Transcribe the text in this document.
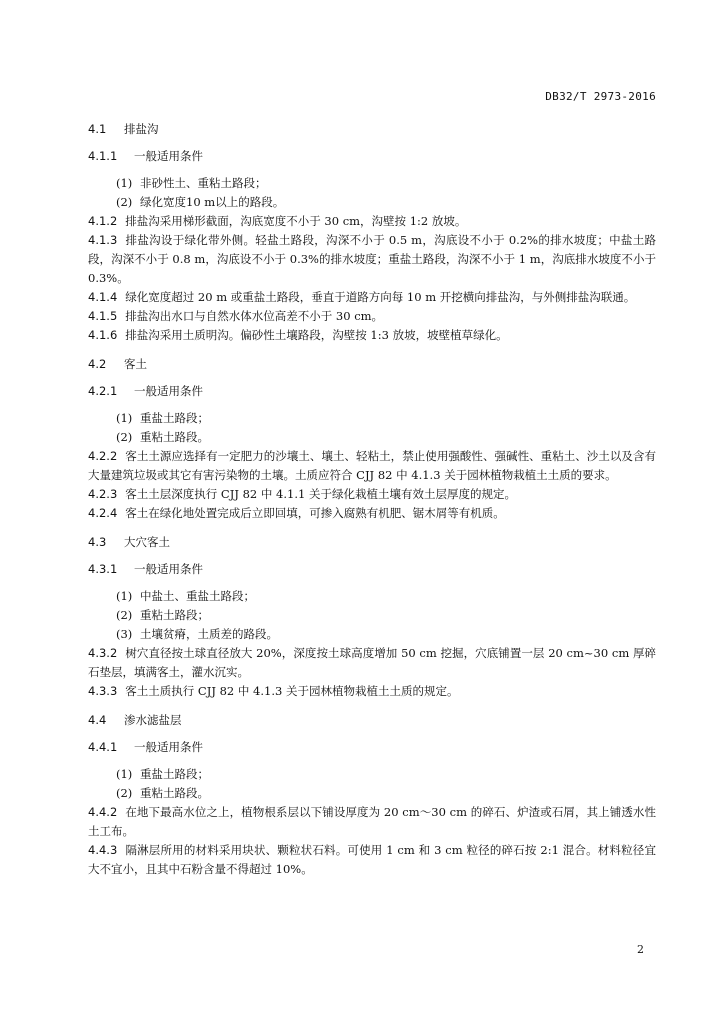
DB32/T 2973-2016
4.1 排盐沟
4.1.1 一般适用条件
(1) 非砂性土、重粘土路段；
(2) 绿化宽度10 m以上的路段。
4.1.2 排盐沟采用梯形截面，沟底宽度不小于 30 cm，沟壁按 1:2 放坡。
4.1.3 排盐沟设于绿化带外侧。轻盐土路段，沟深不小于 0.5 m，沟底设不小于 0.2%的排水坡度；中盐土路段，沟深不小于 0.8 m，沟底设不小于 0.3%的排水坡度；重盐土路段，沟深不小于 1 m，沟底排水坡度不小于 0.3%。
4.1.4 绿化宽度超过 20 m 或重盐土路段，垂直于道路方向每 10 m 开挖横向排盐沟，与外侧排盐沟联通。
4.1.5 排盐沟出水口与自然水体水位高差不小于 30 cm。
4.1.6 排盐沟采用土质明沟。偏砂性土壤路段，沟壁按 1:3 放坡，坡壁植草绿化。
4.2 客土
4.2.1 一般适用条件
(1) 重盐土路段；
(2) 重粘土路段。
4.2.2 客土土源应选择有一定肥力的沙壤土、壤土、轻粘土，禁止使用强酸性、强碱性、重粘土、沙土以及含有大量建筑垃圾或其它有害污染物的土壤。土质应符合 CJJ 82 中 4.1.3 关于园林植物栽植土土质的要求。
4.2.3 客土土层深度执行 CJJ 82 中 4.1.1 关于绿化栽植土壤有效土层厚度的规定。
4.2.4 客土在绿化地处置完成后立即回填，可掺入腐熟有机肥、锯木屑等有机质。
4.3 大穴客土
4.3.1 一般适用条件
(1) 中盐土、重盐土路段；
(2) 重粘土路段；
(3) 土壤贫瘠，土质差的路段。
4.3.2 树穴直径按土球直径放大 20%，深度按土球高度增加 50 cm 挖掘，穴底铺置一层 20 cm~30 cm 厚碎石垫层，填满客土，灌水沉实。
4.3.3 客土土质执行 CJJ 82 中 4.1.3 关于园林植物栽植土土质的规定。
4.4 渗水滤盐层
4.4.1 一般适用条件
(1) 重盐土路段；
(2) 重粘土路段。
4.4.2 在地下最高水位之上，植物根系层以下铺设厚度为 20 cm～30 cm 的碎石、炉渣或石屑，其上铺透水性土工布。
4.4.3 隔淋层所用的材料采用块状、颗粒状石料。可使用 1 cm 和 3 cm 粒径的碎石按 2:1 混合。材料粒径宜大不宜小，且其中石粉含量不得超过 10%。
2
